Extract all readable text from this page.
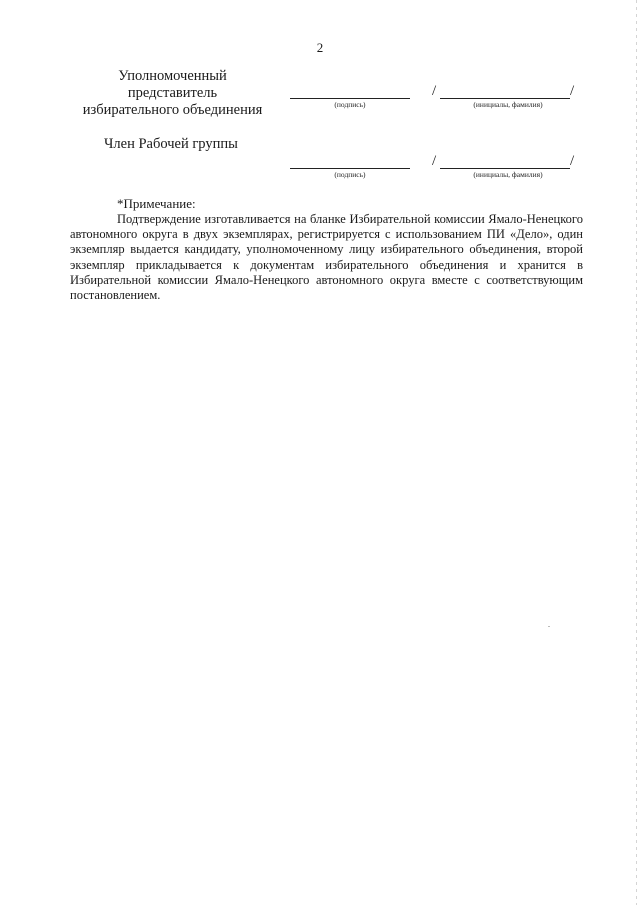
2
Уполномоченный
представитель
избирательного объединения	(подпись)
/	/
(инициалы, фамилия)
Член Рабочей группы
(подпись)
/	/
(инициалы, фамилия)
*Примечание:
Подтверждение изготавливается на бланке Избирательной комиссии Ямало-Ненецкого автономного округа в двух экземплярах, регистрируется с использованием ПИ «Дело», один экземпляр выдается кандидату, уполномоченному лицу избирательного объединения, второй экземпляр прикладывается к документам избирательного объединения и хранится в Избирательной комиссии Ямало-Ненецкого автономного округа вместе с соответствующим постановлением.
